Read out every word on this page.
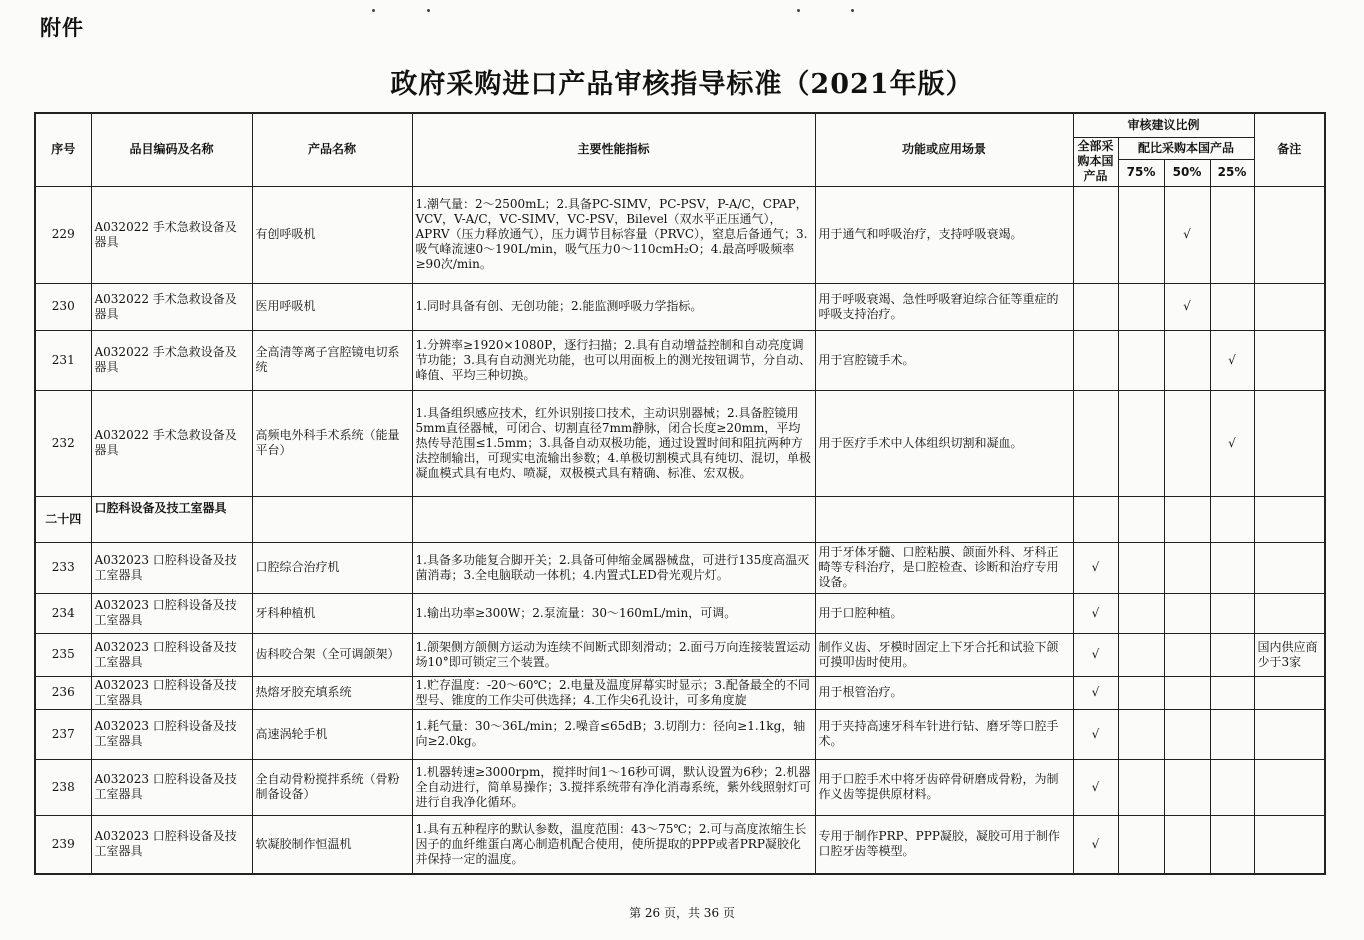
附件
政府采购进口产品审核指导标准（2021年版）
序号	品目编码及名称	产品名称	主要性能指标	功能或应用场景	审核建议比例				备注
					全部采购本国产品	配比采购本国产品			
						75%	50%	25%	
229	A032022 手术急救设备及器具	有创呼吸机	1.潮气量：2～2500mL；2.具备PC-SIMV，PC-PSV，P-A/C，CPAP，VCV，V-A/C，VC-SIMV，VC-PSV，Bilevel（双水平正压通气），APRV（压力释放通气），压力调节目标容量（PRVC），窒息后备通气；3.吸气峰流速0～190L/min，吸气压力0～110cmH₂O；4.最高呼吸频率≥90次/min。	用于通气和呼吸治疗，支持呼吸衰竭。			√		
230	A032022 手术急救设备及器具	医用呼吸机	1.同时具备有创、无创功能；2.能监测呼吸力学指标。	用于呼吸衰竭、急性呼吸窘迫综合征等重症的呼吸支持治疗。			√		
231	A032022 手术急救设备及器具	全高清等离子宫腔镜电切系统	1.分辨率≥1920×1080P，逐行扫描；2.具有自动增益控制和自动亮度调节功能；3.具有自动测光功能，也可以用面板上的测光按钮调节，分自动、峰值、平均三种切换。	用于宫腔镜手术。				√	
232	A032022 手术急救设备及器具	高频电外科手术系统（能量平台）	1.具备组织感应技术，红外识别接口技术，主动识别器械；2.具备腔镜用5mm直径器械，可闭合、切割直径7mm静脉，闭合长度≥20mm，平均热传导范围≤1.5mm；3.具备自动双极功能，通过设置时间和阻抗两种方法控制输出，可现实电流输出参数；4.单极切割模式具有纯切、混切，单极凝血模式具有电灼、喷凝，双极模式具有精确、标准、宏双极。	用于医疗手术中人体组织切割和凝血。				√	
二十四	口腔科设备及技工室器具								
233	A032023 口腔科设备及技工室器具	口腔综合治疗机	1.具备多功能复合脚开关；2.具备可伸缩金属器械盘，可进行135度高温灭菌消毒；3.全电脑联动一体机；4.内置式LED骨光观片灯。	用于牙体牙髓、口腔粘膜、颌面外科、牙科正畸等专科治疗，是口腔检查、诊断和治疗专用设备。	√				
234	A032023 口腔科设备及技工室器具	牙科种植机	1.输出功率≥300W；2.泵流量：30～160mL/min，可调。	用于口腔种植。	√				
235	A032023 口腔科设备及技工室器具	齿科咬合架（全可调颌架）	1.颌架侧方颌侧方运动为连续不间断式即刻滑动；2.面弓万向连接装置运动场10°即可锁定三个装置。	制作义齿、牙模时固定上下牙合托和试验下颌可摸叩齿时使用。	√				国内供应商少于3家
236	A032023 口腔科设备及技工室器具	热熔牙胶充填系统	1.贮存温度：-20～60℃；2.电量及温度屏幕实时显示；3.配备最全的不同型号、锥度的工作尖可供选择；4.工作尖6孔设计，可多角度旋	用于根管治疗。	√				
237	A032023 口腔科设备及技工室器具	高速涡轮手机	1.耗气量：30～36L/min；2.噪音≤65dB；3.切削力：径向≥1.1kg，轴向≥2.0kg。	用于夹持高速牙科车针进行钻、磨牙等口腔手术。	√				
238	A032023 口腔科设备及技工室器具	全自动骨粉搅拌系统（骨粉制备设备）	1.机器转速≥3000rpm，搅拌时间1～16秒可调，默认设置为6秒；2.机器全自动进行，简单易操作；3.搅拌系统带有净化消毒系统，紫外线照射灯可进行自我净化循环。	用于口腔手术中将牙齿碎骨研磨成骨粉，为制作义齿等提供原材料。	√				
239	A032023 口腔科设备及技工室器具	软凝胶制作恒温机	1.具有五种程序的默认参数，温度范围：43～75℃；2.可与高度浓缩生长因子的血纤维蛋白离心制造机配合使用，使所提取的PPP或者PRP凝胶化并保持一定的温度。	专用于制作PRP、PPP凝胶，凝胶可用于制作口腔牙齿等模型。	√				
第 26 页，共 36 页
